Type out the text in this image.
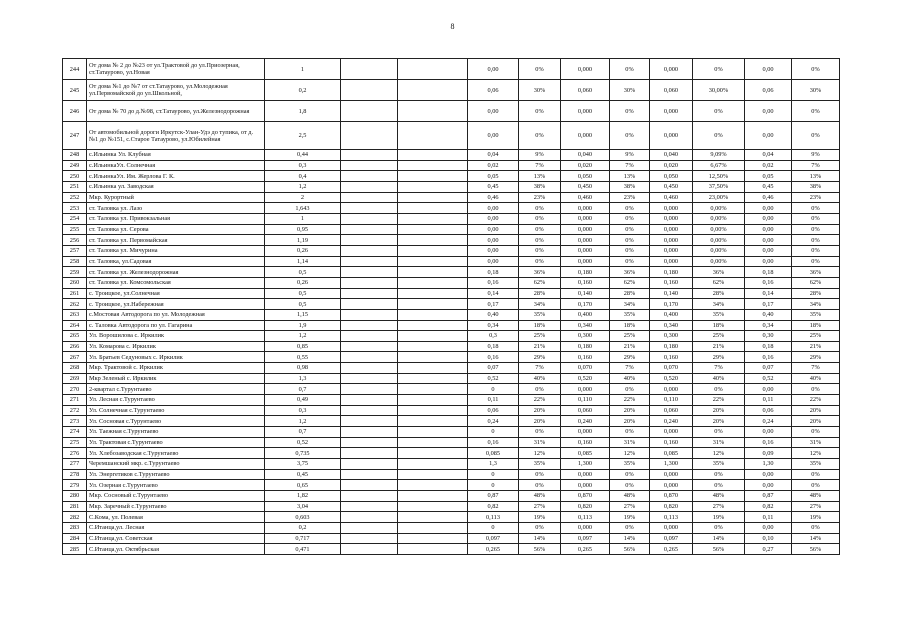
8
244	От дома № 2 до №23 от ул.Трактовой до ул.Приозерная, ст.Татаурово, ул.Новая	1			0,00	0%	0,000	0%	0,000	0%	0,00	0%
245	От дома №1 до №7 от ст.Татаурово, ул.Молодежная ул.Первомайской до ул.Школьной,	0,2			0,06	30%	0,060	30%	0,060	30,00%	0,06	30%
246	От дома № 70 до д.№98, ст.Татаурово, ул.Железнодорожная	1,8			0,00	0%	0,000	0%	0,000	0%	0,00	0%
247	От автомобильной дороги Иркутск-Улан-Удэ до тупика, от д. №1 до №151, с.Старое Татаурово, ул.Юбилейная	2,5			0,00	0%	0,000	0%	0,000	0%	0,00	0%
248	с.Ильинка Ул. Клубная	0,44			0,04	9%	0,040	9%	0,040	9,09%	0,04	9%
249	с.ИльинкаУл. Солнечная	0,3			0,02	7%	0,020	7%	0,020	6,67%	0,02	7%
250	с.ИльинкаУл. Им. Жерлова Г. К.	0,4			0,05	13%	0,050	13%	0,050	12,50%	0,05	13%
251	с.Ильинка ул. Заводская	1,2			0,45	38%	0,450	38%	0,450	37,50%	0,45	38%
252	Мкр. Курортный	2			0,46	23%	0,460	23%	0,460	23,00%	0,46	23%
253	ст. Таловка ул. Лазо	1,643			0,00	0%	0,000	0%	0,000	0,00%	0,00	0%
254	ст. Таловка ул. Привокзальная	1			0,00	0%	0,000	0%	0,000	0,00%	0,00	0%
255	ст. Таловка ул. Серова	0,95			0,00	0%	0,000	0%	0,000	0,00%	0,00	0%
256	ст. Таловка ул. Первомайская	1,19			0,00	0%	0,000	0%	0,000	0,00%	0,00	0%
257	ст. Таловка ул. Мичурина	0,26			0,00	0%	0,000	0%	0,000	0,00%	0,00	0%
258	ст. Таловка, ул.Садовая	1,14			0,00	0%	0,000	0%	0,000	0,00%	0,00	0%
259	ст. Таловка ул. Железнодорожная	0,5			0,18	36%	0,180	36%	0,180	36%	0,18	36%
260	ст. Таловка ул. Комсомольская	0,26			0,16	62%	0,160	62%	0,160	62%	0,16	62%
261	с. Троицкое, ул.Солнечная	0,5			0,14	28%	0,140	28%	0,140	28%	0,14	28%
262	с. Троицкое, ул.Набережная	0,5			0,17	34%	0,170	34%	0,170	34%	0,17	34%
263	с.Мостовая Автодорога по ул. Молодежная	1,15			0,40	35%	0,400	35%	0,400	35%	0,40	35%
264	с. Таловка Автодорога по ул. Гагарина	1,9			0,34	18%	0,340	18%	0,340	18%	0,34	18%
265	Ул. Ворошилова с. Иркилик	1,2			0,3	25%	0,300	25%	0,300	25%	0,30	25%
266	Ул. Комарова с. Иркилик	0,85			0,18	21%	0,180	21%	0,180	21%	0,18	21%
267	Ул. Братьев Седуновых с. Иркилик	0,55			0,16	29%	0,160	29%	0,160	29%	0,16	29%
268	Мкр. Трактовой с. Иркилик	0,98			0,07	7%	0,070	7%	0,070	7%	0,07	7%
269	Мкр Зеленый с. Иркилик	1,3			0,52	40%	0,520	40%	0,520	40%	0,52	40%
270	2-квартал с.Турунтаево	0,7			0	0%	0,000	0%	0,000	0%	0,00	0%
271	Ул. Лесная с.Турунтаево	0,49			0,11	22%	0,110	22%	0,110	22%	0,11	22%
272	Ул. Солнечная с.Турунтаево	0,3			0,06	20%	0,060	20%	0,060	20%	0,06	20%
273	Ул. Сосновая с.Турунтаево	1,2			0,24	20%	0,240	20%	0,240	20%	0,24	20%
274	Ул. Таежная с.Турунтаево	0,7			0	0%	0,000	0%	0,000	0%	0,00	0%
275	Ул. Трактовая с.Турунтаево	0,52			0,16	31%	0,160	31%	0,160	31%	0,16	31%
276	Ул. Хлебозаводская с.Турунтаево	0,735			0,085	12%	0,085	12%	0,085	12%	0,09	12%
277	Черемшанский мкр. с.Турунтаево	3,75			1,3	35%	1,300	35%	1,300	35%	1,30	35%
278	Ул. Энергетиков с.Турунтаево	0,45			0	0%	0,000	0%	0,000	0%	0,00	0%
279	Ул. Озерная с.Турунтаево	0,65			0	0%	0,000	0%	0,000	0%	0,00	0%
280	Мкр. Сосновый с.Турунтаево	1,82			0,87	48%	0,870	48%	0,870	48%	0,87	48%
281	Мкр. Заречный с.Турунтаево	3,04			0,82	27%	0,820	27%	0,820	27%	0,82	27%
282	С.Кома, ул. Полевая	0,603			0,113	19%	0,113	19%	0,113	19%	0,11	19%
283	С.Итанца,ул. Лесная	0,2			0	0%	0,000	0%	0,000	0%	0,00	0%
284	С.Итанца,ул. Советская	0,717			0,097	14%	0,097	14%	0,097	14%	0,10	14%
285	С.Итанца,ул. Октябрьская	0,471			0,265	56%	0,265	56%	0,265	56%	0,27	56%
